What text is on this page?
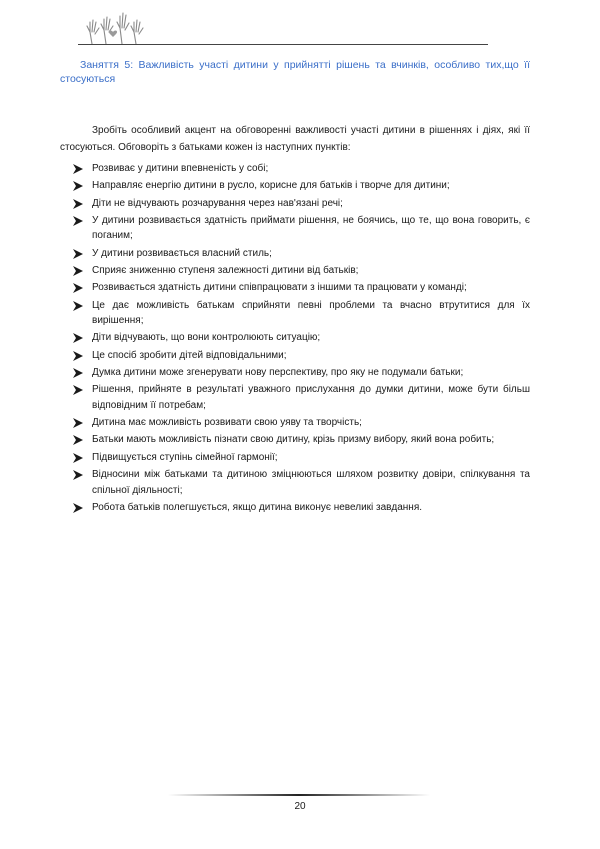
Заняття 5: Важливість участі дитини у прийнятті рішень та вчинків, особливо тих,що її стосуються
Зробіть особливий акцент на обговоренні важливості участі дитини в рішеннях і діях, які її стосуються. Обговоріть з батьками кожен із наступних пунктів:
Розвиває у дитини впевненість у собі;
Направляє енергію дитини в русло, корисне для батьків і творче для дитини;
Діти не відчувають розчарування через нав'язані речі;
У дитини розвивається здатність приймати рішення, не боячись, що те, що вона говорить, є поганим;
У дитини розвивається власний стиль;
Сприяє зниженню ступеня залежності дитини від батьків;
Розвивається здатність дитини співпрацювати з іншими та працювати у команді;
Це дає можливість батькам сприйняти певні проблеми та вчасно втрутитися для їх вирішення;
Діти відчувають, що вони контролюють ситуацію;
Це спосіб зробити дітей відповідальними;
Думка дитини може згенерувати нову перспективу, про яку не подумали батьки;
Рішення, прийняте в результаті уважного прислухання до думки дитини, може бути більш відповідним її потребам;
Дитина має можливість розвивати свою уяву та творчість;
Батьки мають можливість пізнати свою дитину, крізь призму вибору, який вона робить;
Підвищується ступінь сімейної гармонії;
Відносини між батьками та дитиною зміцнюються шляхом розвитку довіри, спілкування та спільної діяльності;
Робота батьків полегшується, якщо дитина виконує невеликі завдання.
20
